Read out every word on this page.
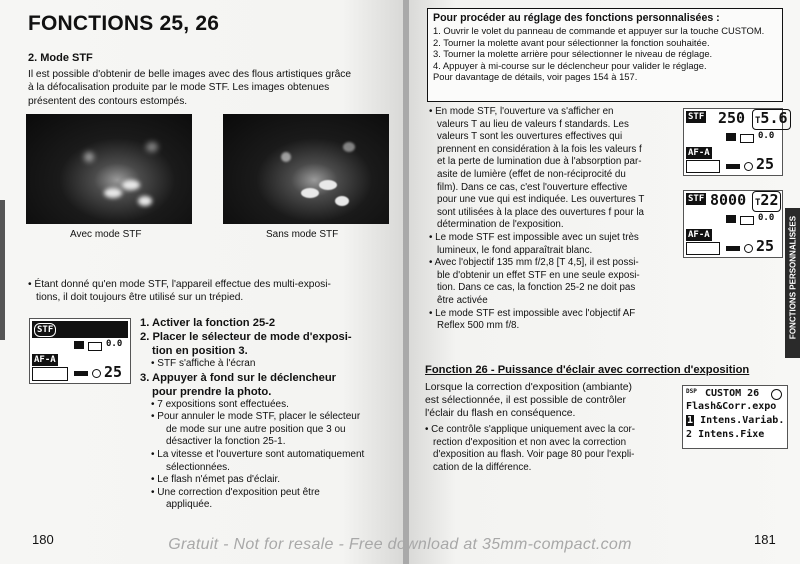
FONCTIONS 25, 26
2. Mode STF
Il est possible d'obtenir de belle images avec des flous artistiques grâce
à la défocalisation produite par le mode STF. Les images obtenues
présentent des contours estompés.
Avec mode STF	Sans mode STF
• Étant donné qu'en mode STF, l'appareil effectue des multi-exposi-
tions, il doit toujours être utilisé sur un trépied.
STF
0.0
AF-A
25
1. Activer la fonction 25-2
2. Placer le sélecteur de mode d'exposi-
tion en position 3.
• STF s'affiche à l'écran
3. Appuyer à fond sur le déclencheur
pour prendre la photo.
• 7 expositions sont effectuées.
• Pour annuler le mode STF, placer le sélecteur
de mode sur une autre position que 3 ou
désactiver la fonction 25-1.
• La vitesse et l'ouverture sont automatiquement
sélectionnées.
• Le flash n'émet pas d'éclair.
• Une correction d'exposition peut être
appliquée.
180
Pour procéder au réglage des fonctions personnalisées :
1. Ouvrir le volet du panneau de commande et appuyer sur la touche CUSTOM.
2. Tourner la molette avant pour sélectionner la fonction souhaitée.
3. Tourner la molette arrière pour sélectionner le niveau de réglage.
4. Appuyer à mi-course sur le déclencheur pour valider le réglage.
Pour davantage de détails, voir pages 154 à 157.

• En mode STF, l'ouverture va s'afficher en
valeurs T au lieu de valeurs f standards. Les
valeurs T sont les ouvertures effectives qui
prennent en considération à la fois les valeurs f
et la perte de lumination due à l'absorption par-
asite de lumière (effet de non-réciprocité du
film). Dans ce cas, c'est l'ouverture effective
pour une vue qui est indiquée. Les ouvertures T
sont utilisées à la place des ouvertures f pour la
détermination de l'exposition.

• Le mode STF est impossible avec un sujet très
lumineux, le fond apparaîtrait blanc.

• Avec l'objectif 135 mm f/2,8 [T 4,5], il est possi-
ble d'obtenir un effet STF en une seule exposi-
tion. Dans ce cas, la fonction 25-2 ne doit pas
être activée

• Le mode STF est impossible avec l'objectif AF
Reflex 500 mm f/8.

STF 250	T5.6
0.0
AF-A
25
STF 8000 T22
0.0
AF-A
25 FONCTIONS PERSONNALISÉES
Fonction 26 - Puissance d'éclair avec correction d'exposition
Lorsque la correction d'exposition (ambiante)
est sélectionnée, il est possible de contrôler
l'éclair du flash en conséquence.
• Ce contrôle s'applique uniquement avec la cor-
rection d'exposition et non avec la correction
d'exposition au flash. Voir page 80 pour l'expli-
cation de la différence.
DSP CUSTOM 26
Flash&Corr.expo
1 Intens.Variab.
2 Intens.Fixe
181
Gratuit - Not for resale - Free download at 35mm-compact.com
